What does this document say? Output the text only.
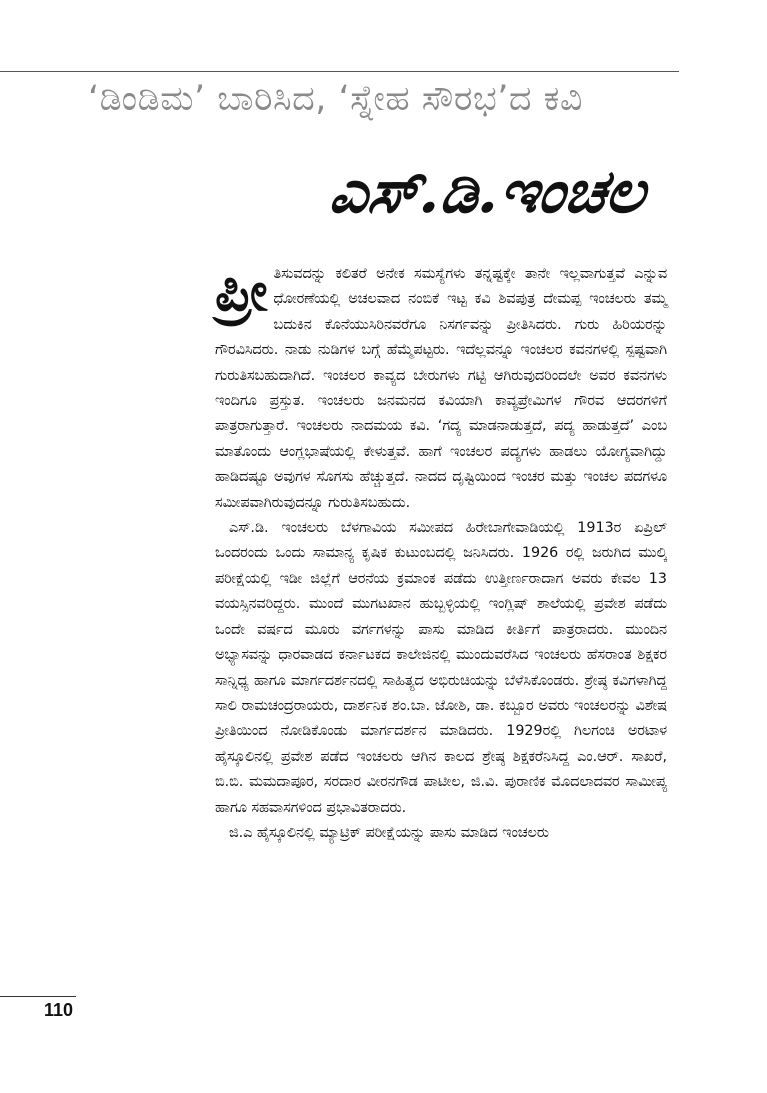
‘ಡಿಂಡಿಮ’ ಬಾರಿಸಿದ, ‘ಸ್ನೇಹ ಸೌರಭ’ದ ಕವಿ
ಎಸ್.ಡಿ.ಇಂಚಲ

ಪ್ರೀ ತಿಸುವದನ್ನು ಕಲಿತರೆ ಅನೇಕ ಸಮಸ್ಯೆಗಳು ತನ್ನಷ್ಟಕ್ಕೇ ತಾನೇ ಇಲ್ಲವಾಗುತ್ತವೆ ಎನ್ನುವ ಧೋರಣೆಯಲ್ಲಿ ಅಚಲವಾದ ನಂಬಿಕೆ ಇಟ್ಟ ಕವಿ ಶಿವಪುತ್ರ ದೇಮಪ್ಪ ಇಂಚಲರು ತಮ್ಮ ಬದುಕಿನ ಕೊನೆಯುಸಿರಿನವರೆಗೂ ನಿಸರ್ಗವನ್ನು ಪ್ರೀತಿಸಿದರು. ಗುರು ಹಿರಿಯರನ್ನು ಗೌರವಿಸಿದರು. ನಾಡು ನುಡಿಗಳ ಬಗ್ಗೆ ಹೆಮ್ಮೆಪಟ್ಟರು. ಇದೆಲ್ಲವನ್ನೂ ಇಂಚಲರ ಕವನಗಳಲ್ಲಿ ಸ್ಪಷ್ಟವಾಗಿ ಗುರುತಿಸಬಹುದಾಗಿದೆ. ಇಂಚಲರ ಕಾವ್ಯದ ಬೇರುಗಳು ಗಟ್ಟಿ ಆಗಿರುವುದರಿಂದಲೇ ಅವರ ಕವನಗಳು ಇಂದಿಗೂ ಪ್ರಸ್ತುತ. ಇಂಚಲರು ಜನಮನದ ಕವಿಯಾಗಿ ಕಾವ್ಯಪ್ರೇಮಿಗಳ ಗೌರವ ಆದರಗಳಿಗೆ ಪಾತ್ರರಾಗುತ್ತಾರೆ. ಇಂಚಲರು ನಾದಮಯ ಕವಿ. ‘ಗದ್ಯ ಮಾಡನಾಡುತ್ತದೆ, ಪದ್ಯ ಹಾಡುತ್ತದೆ’ ಎಂಬ ಮಾತೊಂದು ಆಂಗ್ಲಭಾಷೆಯಲ್ಲಿ ಕೇಳುತ್ತವೆ. ಹಾಗೆ ಇಂಚಲರ ಪದ್ಯಗಳು ಹಾಡಲು ಯೋಗ್ಯವಾಗಿದ್ದು ಹಾಡಿದಷ್ಟೂ ಅವುಗಳ ಸೊಗಸು ಹೆಚ್ಚುತ್ತದೆ. ನಾದದ ದೃಷ್ಟಿಯಿಂದ ಇಂಚರ ಮತ್ತು ಇಂಚಲ ಪದಗಳೂ ಸಮೀಪವಾಗಿರುವುದನ್ನೂ ಗುರುತಿಸಬಹುದು.

ಎಸ್.ಡಿ. ಇಂಚಲರು ಬೆಳಗಾವಿಯ ಸಮೀಪದ ಹಿರೇಬಾಗೇವಾಡಿಯಲ್ಲಿ 1913ರ ಏಪ್ರಿಲ್ ಒಂದರಂದು ಒಂದು ಸಾಮಾನ್ಯ ಕೃಷಿಕ ಕುಟುಂಬದಲ್ಲಿ ಜನಿಸಿದರು. 1926 ರಲ್ಲಿ ಜರುಗಿದ ಮುಲ್ಕಿ ಪರೀಕ್ಷೆಯಲ್ಲಿ ಇಡೀ ಜಿಲ್ಲೆಗೆ ಆರನೆಯ ಕ್ರಮಾಂಕ ಪಡೆದು ಉತ್ತೀರ್ಣರಾದಾಗ ಅವರು ಕೇವಲ 13 ವಯಸ್ಸಿನವರಿದ್ದರು. ಮುಂದೆ ಮುಗಟಖಾನ ಹುಬ್ಬಳ್ಳಿಯಲ್ಲಿ ಇಂಗ್ಲಿಷ್ ಶಾಲೆಯಲ್ಲಿ ಪ್ರವೇಶ ಪಡೆದು ಒಂದೇ ವರ್ಷದ ಮೂರು ವರ್ಗಗಳನ್ನು ಪಾಸು ಮಾಡಿದ ಕೀರ್ತಿಗೆ ಪಾತ್ರರಾದರು. ಮುಂದಿನ ಅಭ್ಯಾಸವನ್ನು ಧಾರವಾಡದ ಕರ್ನಾಟಕದ ಕಾಲೇಜಿನಲ್ಲಿ ಮುಂದುವರೆಸಿದ ಇಂಚಲರು ಹೆಸರಾಂತ ಶಿಕ್ಷಕರ ಸಾನ್ನಿಧ್ಯ ಹಾಗೂ ಮಾರ್ಗದರ್ಶನದಲ್ಲಿ ಸಾಹಿತ್ಯದ ಅಭಿರುಚಿಯನ್ನು ಬೆಳೆಸಿಕೊಂಡರು. ಶ್ರೇಷ್ಠ ಕವಿಗಳಾಗಿದ್ದ ಸಾಲಿ ರಾಮಚಂದ್ರರಾಯರು, ದಾರ್ಶನಿಕ ಶಂ.ಬಾ. ಜೋಶಿ, ಡಾ. ಕಬ್ಬೂರ ಅವರು ಇಂಚಲರನ್ನು ವಿಶೇಷ ಪ್ರೀತಿಯಿಂದ ನೋಡಿಕೊಂಡು ಮಾರ್ಗದರ್ಶನ ಮಾಡಿದರು. 1929ರಲ್ಲಿ ಗಿಲಗಂಚಿ ಅರಟಾಳ ಹೈಸ್ಕೂಲಿನಲ್ಲಿ ಪ್ರವೇಶ ಪಡೆದ ಇಂಚಲರು ಆಗಿನ ಕಾಲದ ಶ್ರೇಷ್ಠ ಶಿಕ್ಷಕರೆನಿಸಿದ್ದ ಎಂ.ಆರ್. ಸಾಖರೆ, ಬಿ.ಬಿ. ಮಮದಾಪೂರ, ಸರದಾರ ವೀರನಗೌಡ ಪಾಟೀಲ, ಜಿ.ವಿ. ಪುರಾಣಿಕ ಮೊದಲಾದವರ ಸಾಮೀಪ್ಯ ಹಾಗೂ ಸಹವಾಸಗಳಿಂದ ಪ್ರಭಾವಿತರಾದರು.

ಜಿ.ಎ ಹೈಸ್ಕೂಲಿನಲ್ಲಿ ಮ್ಯಾಟ್ರಿಕ್ ಪರೀಕ್ಷೆಯನ್ನು ಪಾಸು ಮಾಡಿದ ಇಂಚಲರು

110
